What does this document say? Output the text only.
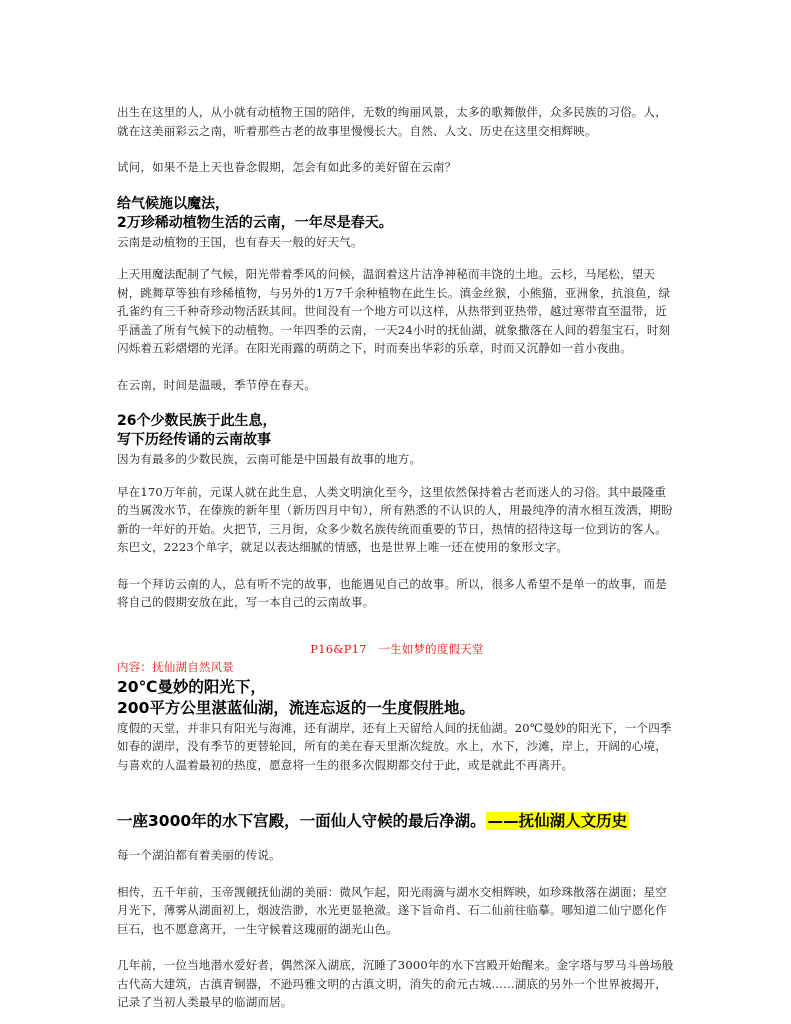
出生在这里的人，从小就有动植物王国的陪伴，无数的绚丽风景，太多的歌舞傲伴，众多民族的习俗。人，就在这美丽彩云之南，听着那些古老的故事里慢慢长大。自然、人文、历史在这里交相辉映。

试问，如果不是上天也眷念假期，怎会有如此多的美好留在云南？

给气候施以魔法，

2万珍稀动植物生活的云南，一年尽是春天。

云南是动植物的王国，也有春天一般的好天气。

上天用魔法配制了气候，阳光带着季风的问候，温润着这片洁净神秘而丰饶的土地。云杉，马尾松，望天树，跳舞草等独有珍稀植物，与另外的1万7千余种植物在此生长。滇金丝猴，小熊猫，亚洲象，抗浪鱼，绿孔雀约有三千种奇珍动物活跃其间。世间没有一个地方可以这样，从热带到亚热带，越过寒带直至温带，近乎涵盖了所有气候下的动植物。一年四季的云南，一天24小时的抚仙湖，就象撒落在人间的碧玺宝石，时刻闪烁着五彩熠熠的光泽。在阳光雨露的萌荫之下，时而奏出华彩的乐章，时而又沉静如一首小夜曲。

在云南，时间是温暖，季节停在春天。

26个少数民族于此生息，

写下历经传诵的云南故事

因为有最多的少数民族，云南可能是中国最有故事的地方。

早在170万年前，元谋人就在此生息，人类文明演化至今，这里依然保持着古老而迷人的习俗。其中最隆重的当属泼水节，在傣族的新年里（新历四月中旬），所有熟悉的不认识的人，用最纯净的清水相互泼洒，期盼新的一年好的开始。火把节，三月街，众多少数名族传统而重要的节日，热情的招待这每一位到访的客人。东巴文，2223个单字，就足以表达细腻的情感，也是世界上唯一还在使用的象形文字。

每一个拜访云南的人，总有听不完的故事，也能遇见自己的故事。所以，很多人希望不是单一的故事，而是将自己的假期安放在此，写一本自己的云南故事。

P16&P17　一生如梦的度假天堂

内容：抚仙湖自然风景

20℃曼妙的阳光下，

200平方公里湛蓝仙湖，流连忘返的一生度假胜地。

度假的天堂，并非只有阳光与海滩，还有湖岸，还有上天留给人间的抚仙湖。20℃曼妙的阳光下，一个四季如春的湖岸，没有季节的更替轮回，所有的美在春天里渐次绽放。水上，水下，沙滩，岸上，开阔的心境，与喜欢的人温着最初的热度，愿意将一生的很多次假期都交付于此，或是就此不再离开。

一座3000年的水下宫殿，一面仙人守候的最后净湖。 ——抚仙湖人文历史

每一个湖泊都有着美丽的传说。

相传，五千年前，玉帝觊觎抚仙湖的美丽：微风乍起，阳光雨滴与湖水交相辉映，如珍珠散落在湖面；星空月光下，薄雾从湖面初上，烟波浩渺，水光更显艳潋。遂下旨命肖、石二仙前往临摹。哪知道二仙宁愿化作巨石，也不愿意离开，一生守候着这瑰丽的湖光山色。

几年前，一位当地潜水爱好者，偶然深入湖底，沉睡了3000年的水下宫殿开始醒来。金字塔与罗马斗兽场般古代高大建筑，古滇青铜器，不逊玛雅文明的古滇文明，消失的俞元古城……湖底的另外一个世界被揭开，记录了当初人类最早的临湖而居。
